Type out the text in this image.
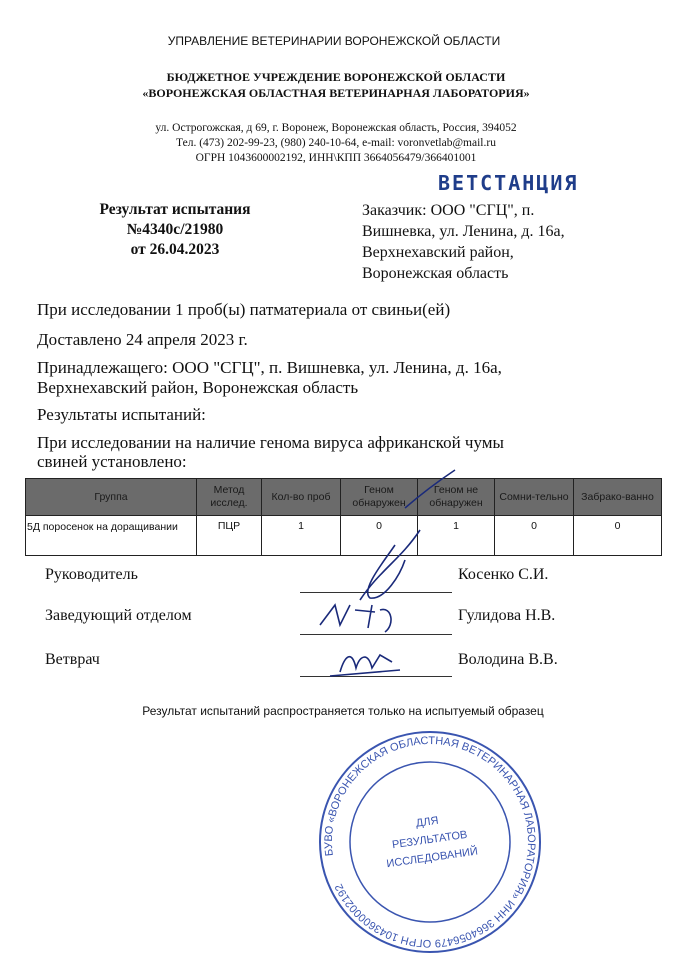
УПРАВЛЕНИЕ ВЕТЕРИНАРИИ ВОРОНЕЖСКОЙ ОБЛАСТИ
БЮДЖЕТНОЕ УЧРЕЖДЕНИЕ ВОРОНЕЖСКОЙ ОБЛАСТИ
«ВОРОНЕЖСКАЯ ОБЛАСТНАЯ ВЕТЕРИНАРНАЯ ЛАБОРАТОРИЯ»
ул. Острогожская, д 69, г. Воронеж, Воронежская область, Россия, 394052
Тел. (473) 202-99-23, (980) 240-10-64, e-mail: voronvetlab@mail.ru
ОГРН 1043600002192, ИНН\КПП 3664056479/366401001
ВЕТСТАНЦИЯ
Результат испытания
№4340с/21980
от 26.04.2023
Заказчик: ООО "СГЦ", п.
Вишневка, ул. Ленина, д. 16а,
Верхнехавский район,
Воронежская область
При исследовании 1 проб(ы) патматериала от свиньи(ей)
Доставлено 24 апреля 2023 г.
Принадлежащего: ООО "СГЦ", п. Вишневка, ул. Ленина, д. 16а,
Верхнехавский район, Воронежская область
Результаты испытаний:
При исследовании на наличие генома вируса африканской чумы
свиней установлено:
Группа	Метод исслед.	Кол-во проб	Геном обнаружен	Геном не обнаружен	Сомни-тельно	Забрако-ванно
5Д поросенок на доращивании	ПЦР	1	0	1	0	0
Руководитель	Косенко С.И.
Заведующий отделом	Гулидова Н.В.
Ветврач	Володина В.В.
Результат испытаний распространяется только на испытуемый образец
БУВО «ВОРОНЕЖСКАЯ ОБЛАСТНАЯ ВЕТЕРИНАРНАЯ ЛАБОРАТОРИЯ» ИНН 3664056479 ОГРН 1043600002192
ДЛЯ
РЕЗУЛЬТАТОВ
ИССЛЕДОВАНИЙ
